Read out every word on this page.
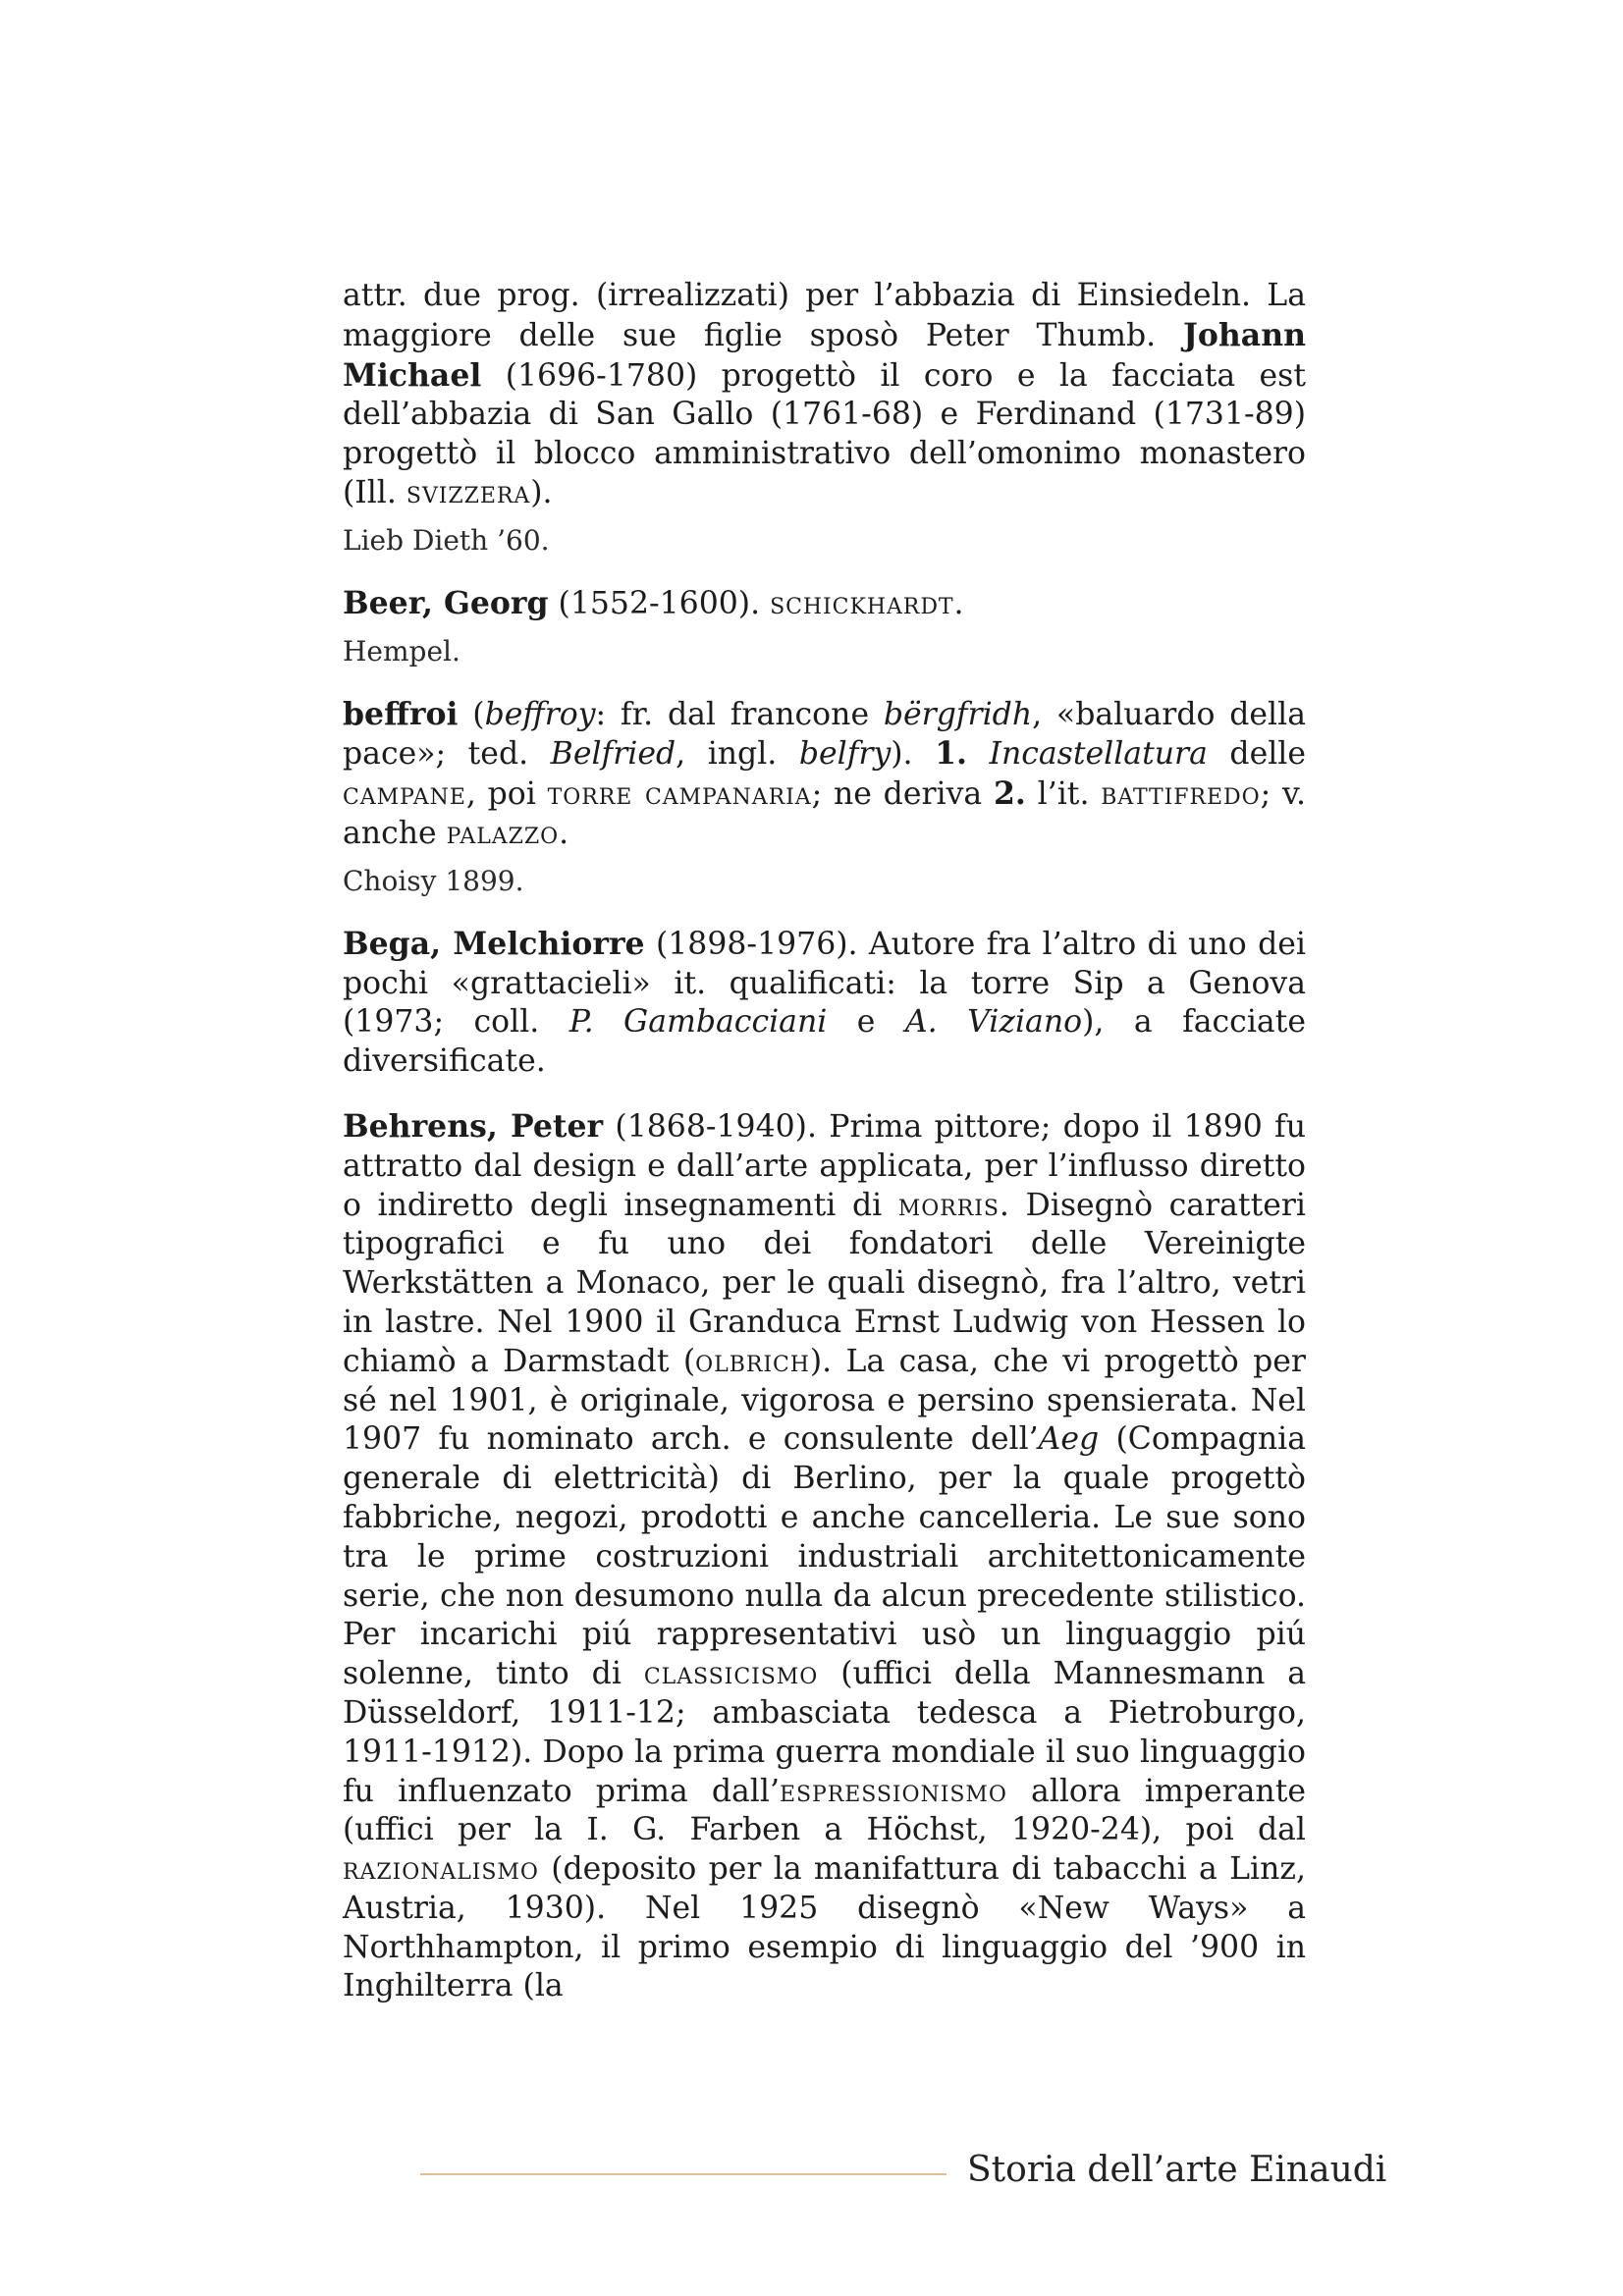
attr. due prog. (irrealizzati) per l’abbazia di Einsiedeln. La maggiore delle sue figlie sposò Peter Thumb. Johann Michael (1696-1780) progettò il coro e la facciata est dell’abbazia di San Gallo (1761-68) e Ferdinand (1731-89) progettò il blocco amministrativo dell’omonimo monastero (Ill. svizzera).

Lieb Dieth ’60.

Beer, Georg (1552-1600). schickhardt.

Hempel.

beffroi (beffroy: fr. dal francone bërgfridh, «baluardo della pace»; ted. Belfried, ingl. belfry). 1. Incastellatura delle campane, poi torre campanaria; ne deriva 2. l’it. battifredo; v. anche palazzo.

Choisy 1899.

Bega, Melchiorre (1898-1976). Autore fra l’altro di uno dei pochi «grattacieli» it. qualificati: la torre Sip a Genova (1973; coll. P. Gambacciani e A. Viziano), a facciate diversificate.

Behrens, Peter (1868-1940). Prima pittore; dopo il 1890 fu attratto dal design e dall’arte applicata, per l’influsso diretto o indiretto degli insegnamenti di morris. Disegnò caratteri tipografici e fu uno dei fondatori delle Vereinigte Werkstätten a Monaco, per le quali disegnò, fra l’altro, vetri in lastre. Nel 1900 il Granduca Ernst Ludwig von Hessen lo chiamò a Darmstadt (olbrich). La casa, che vi progettò per sé nel 1901, è originale, vigorosa e persino spensierata. Nel 1907 fu nominato arch. e consulente dell’Aeg (Compagnia generale di elettricità) di Berlino, per la quale progettò fabbriche, negozi, prodotti e anche cancelleria. Le sue sono tra le prime costruzioni industriali architettonicamente serie, che non desumono nulla da alcun precedente stilistico. Per incarichi piú rappresentativi usò un linguaggio piú solenne, tinto di classicismo (uffici della Mannesmann a Düsseldorf, 1911-12; ambasciata tedesca a Pietroburgo, 1911-1912). Dopo la prima guerra mondiale il suo linguaggio fu influenzato prima dall’espressionismo allora imperante (uffici per la I. G. Farben a Höchst, 1920-24), poi dal razionalismo (deposito per la manifattura di tabacchi a Linz, Austria, 1930). Nel 1925 disegnò «New Ways» a Northhampton, il primo esempio di linguaggio del ’900 in Inghilterra (la

Storia dell’arte Einaudi
